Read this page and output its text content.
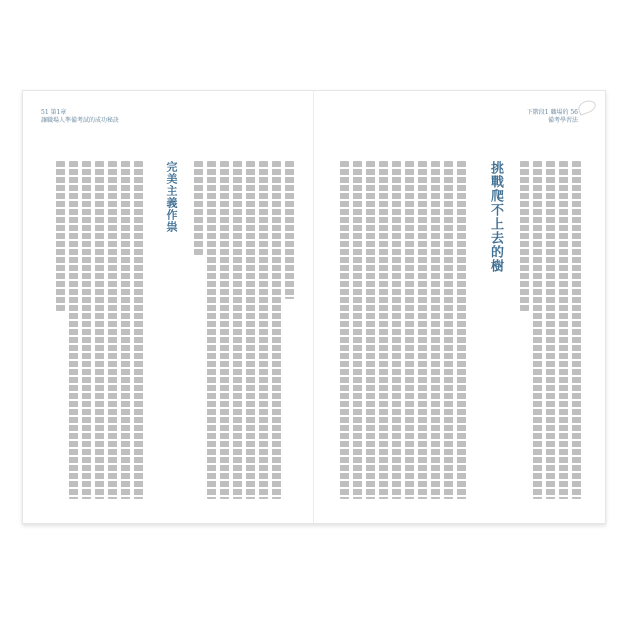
51 第1章
讓職場人準備考試的成功秘訣
完美主義作祟
下階段1 職場的 56
備考學習法
挑戰爬不上去的樹
